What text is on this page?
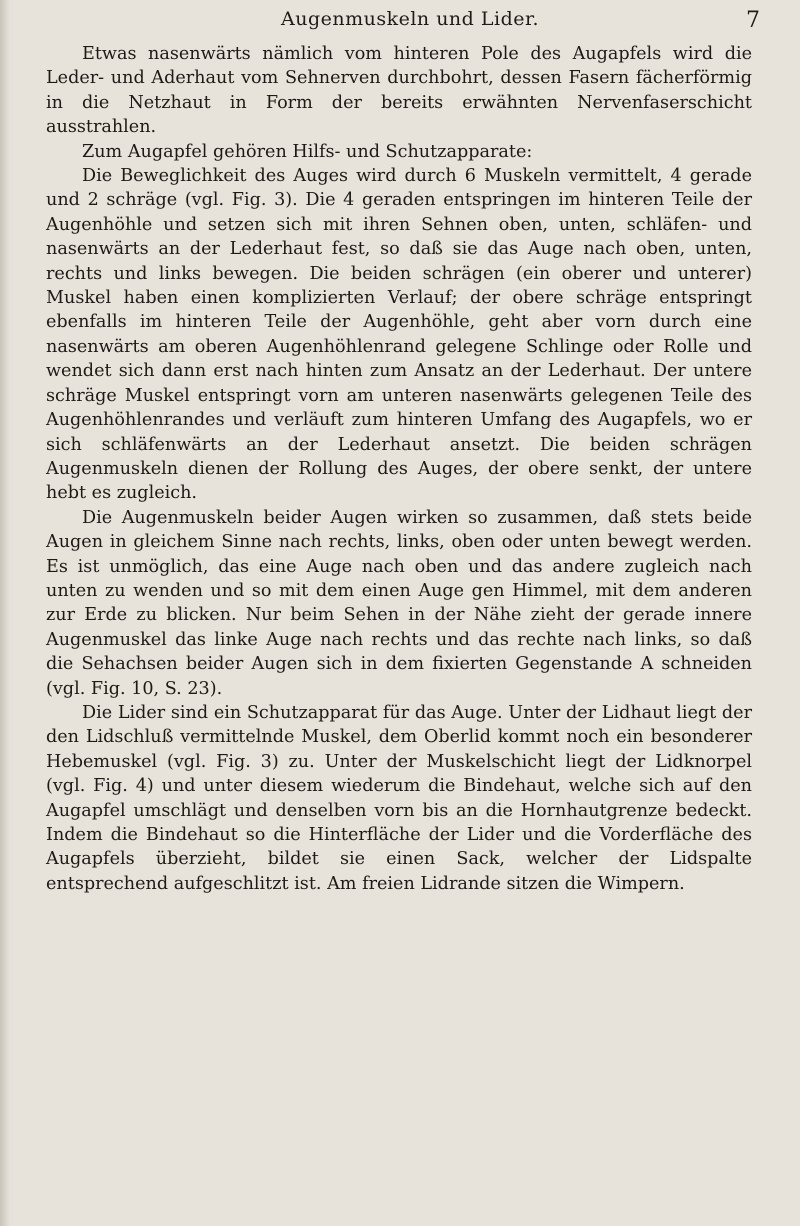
Augenmuskeln und Lider.	7

Etwas nasenwärts nämlich vom hinteren Pole des Augapfels wird die Leder- und Aderhaut vom Sehnerven durchbohrt, dessen Fasern fächerförmig in die Netzhaut in Form der bereits erwähnten Nervenfaserschicht ausstrahlen.

Zum Augapfel gehören Hilfs- und Schutzapparate:

Die Beweglichkeit des Auges wird durch 6 Muskeln vermittelt, 4 gerade und 2 schräge (vgl. Fig. 3). Die 4 geraden entspringen im hinteren Teile der Augenhöhle und setzen sich mit ihren Sehnen oben, unten, schläfen- und nasenwärts an der Lederhaut fest, so daß sie das Auge nach oben, unten, rechts und links bewegen. Die beiden schrägen (ein oberer und unterer) Muskel haben einen komplizierten Verlauf; der obere schräge entspringt ebenfalls im hinteren Teile der Augenhöhle, geht aber vorn durch eine nasenwärts am oberen Augenhöhlenrand gelegene Schlinge oder Rolle und wendet sich dann erst nach hinten zum Ansatz an der Lederhaut. Der untere schräge Muskel entspringt vorn am unteren nasenwärts gelegenen Teile des Augenhöhlenrandes und verläuft zum hinteren Umfang des Augapfels, wo er sich schläfenwärts an der Lederhaut ansetzt. Die beiden schrägen Augenmuskeln dienen der Rollung des Auges, der obere senkt, der untere hebt es zugleich.

Die Augenmuskeln beider Augen wirken so zusammen, daß stets beide Augen in gleichem Sinne nach rechts, links, oben oder unten bewegt werden. Es ist unmöglich, das eine Auge nach oben und das andere zugleich nach unten zu wenden und so mit dem einen Auge gen Himmel, mit dem anderen zur Erde zu blicken. Nur beim Sehen in der Nähe zieht der gerade innere Augenmuskel das linke Auge nach rechts und das rechte nach links, so daß die Sehachsen beider Augen sich in dem fixierten Gegenstande A schneiden (vgl. Fig. 10, S. 23).

Die Lider sind ein Schutzapparat für das Auge. Unter der Lidhaut liegt der den Lidschluß vermittelnde Muskel, dem Oberlid kommt noch ein besonderer Hebemuskel (vgl. Fig. 3) zu. Unter der Muskelschicht liegt der Lidknorpel (vgl. Fig. 4) und unter diesem wiederum die Bindehaut, welche sich auf den Augapfel umschlägt und denselben vorn bis an die Hornhautgrenze bedeckt. Indem die Bindehaut so die Hinterfläche der Lider und die Vorderfläche des Augapfels überzieht, bildet sie einen Sack, welcher der Lidspalte entsprechend aufgeschlitzt ist. Am freien Lidrande sitzen die Wimpern.
